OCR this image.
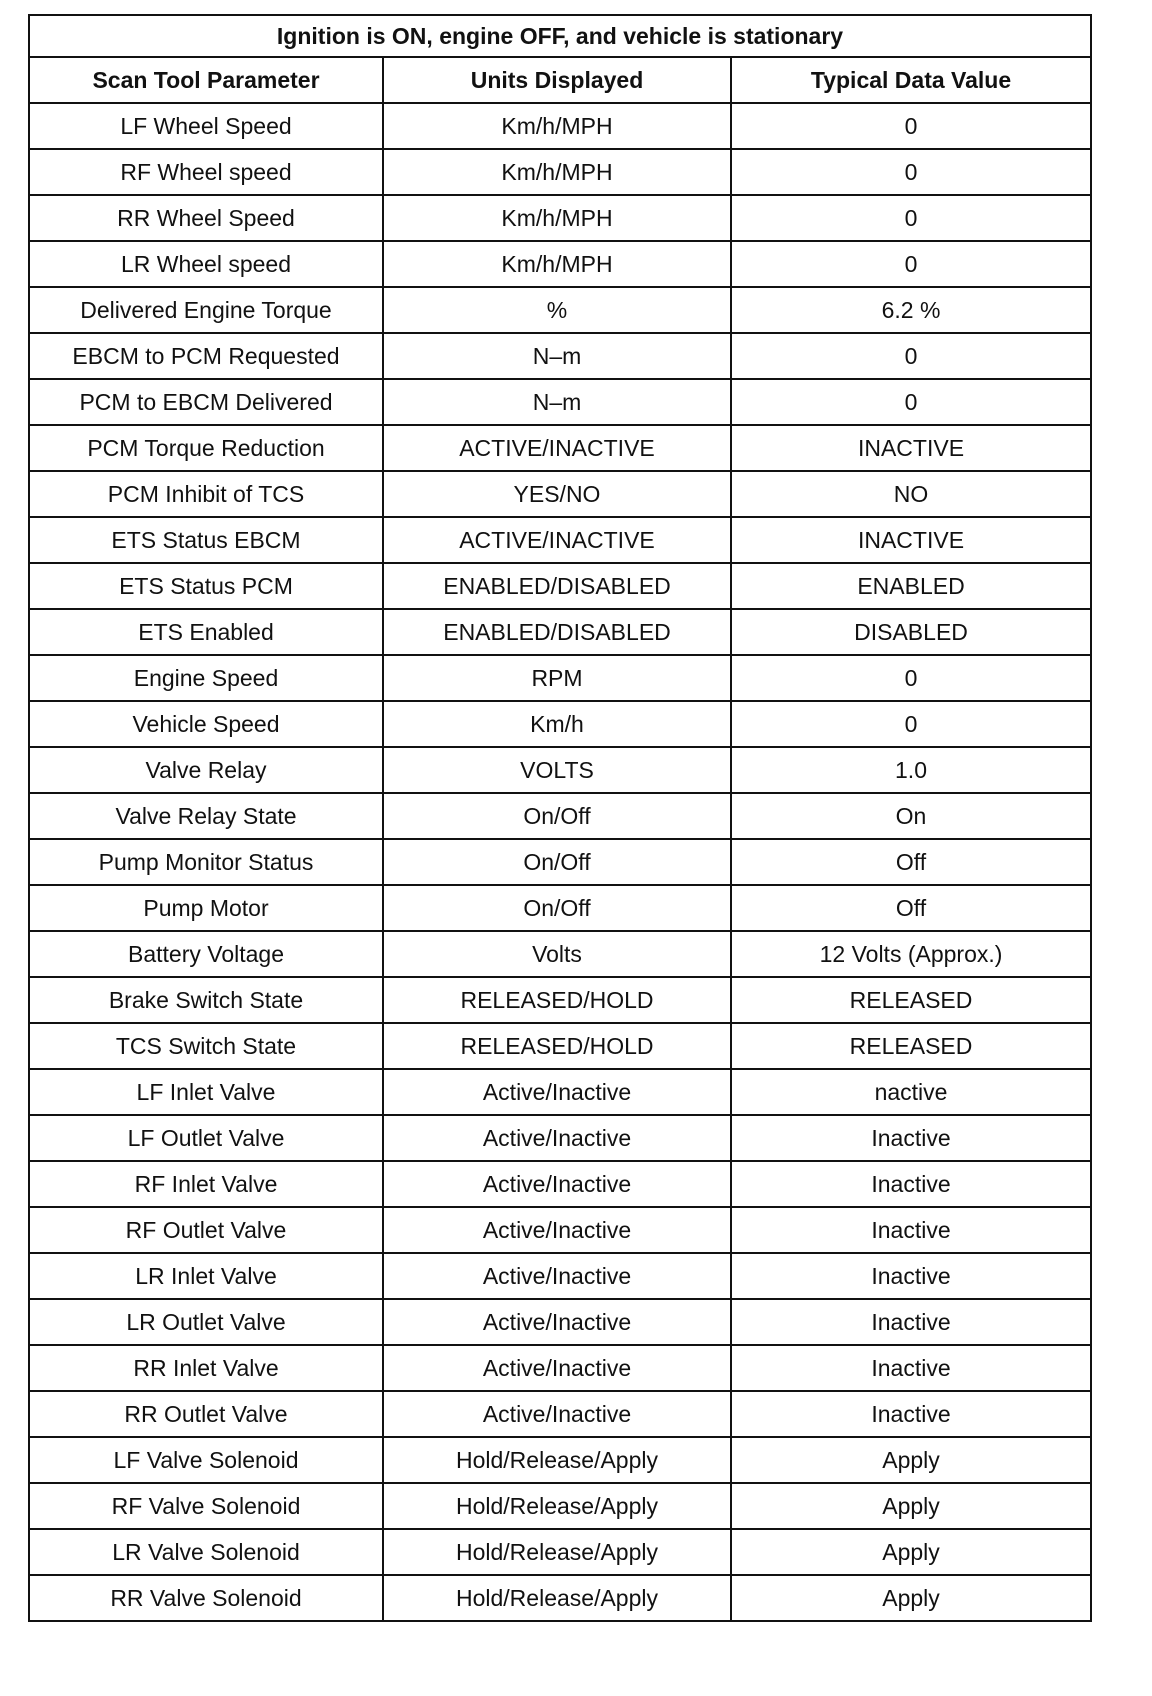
Ignition is ON, engine OFF, and vehicle is stationary		
Scan Tool Parameter	Units Displayed	Typical Data Value
LF Wheel Speed	Km/h/MPH	0
RF Wheel speed	Km/h/MPH	0
RR Wheel Speed	Km/h/MPH	0
LR Wheel speed	Km/h/MPH	0
Delivered Engine Torque	%	6.2 %
EBCM to PCM Requested	N–m	0
PCM to EBCM Delivered	N–m	0
PCM Torque Reduction	ACTIVE/INACTIVE	INACTIVE
PCM Inhibit of TCS	YES/NO	NO
ETS Status EBCM	ACTIVE/INACTIVE	INACTIVE
ETS Status PCM	ENABLED/DISABLED	ENABLED
ETS Enabled	ENABLED/DISABLED	DISABLED
Engine Speed	RPM	0
Vehicle Speed	Km/h	0
Valve Relay	VOLTS	1.0
Valve Relay State	On/Off	On
Pump Monitor Status	On/Off	Off
Pump Motor	On/Off	Off
Battery Voltage	Volts	12 Volts (Approx.)
Brake Switch State	RELEASED/HOLD	RELEASED
TCS Switch State	RELEASED/HOLD	RELEASED
LF Inlet Valve	Active/Inactive	nactive
LF Outlet Valve	Active/Inactive	Inactive
RF Inlet Valve	Active/Inactive	Inactive
RF Outlet Valve	Active/Inactive	Inactive
LR Inlet Valve	Active/Inactive	Inactive
LR Outlet Valve	Active/Inactive	Inactive
RR Inlet Valve	Active/Inactive	Inactive
RR Outlet Valve	Active/Inactive	Inactive
LF Valve Solenoid	Hold/Release/Apply	Apply
RF Valve Solenoid	Hold/Release/Apply	Apply
LR Valve Solenoid	Hold/Release/Apply	Apply
RR Valve Solenoid	Hold/Release/Apply	Apply
